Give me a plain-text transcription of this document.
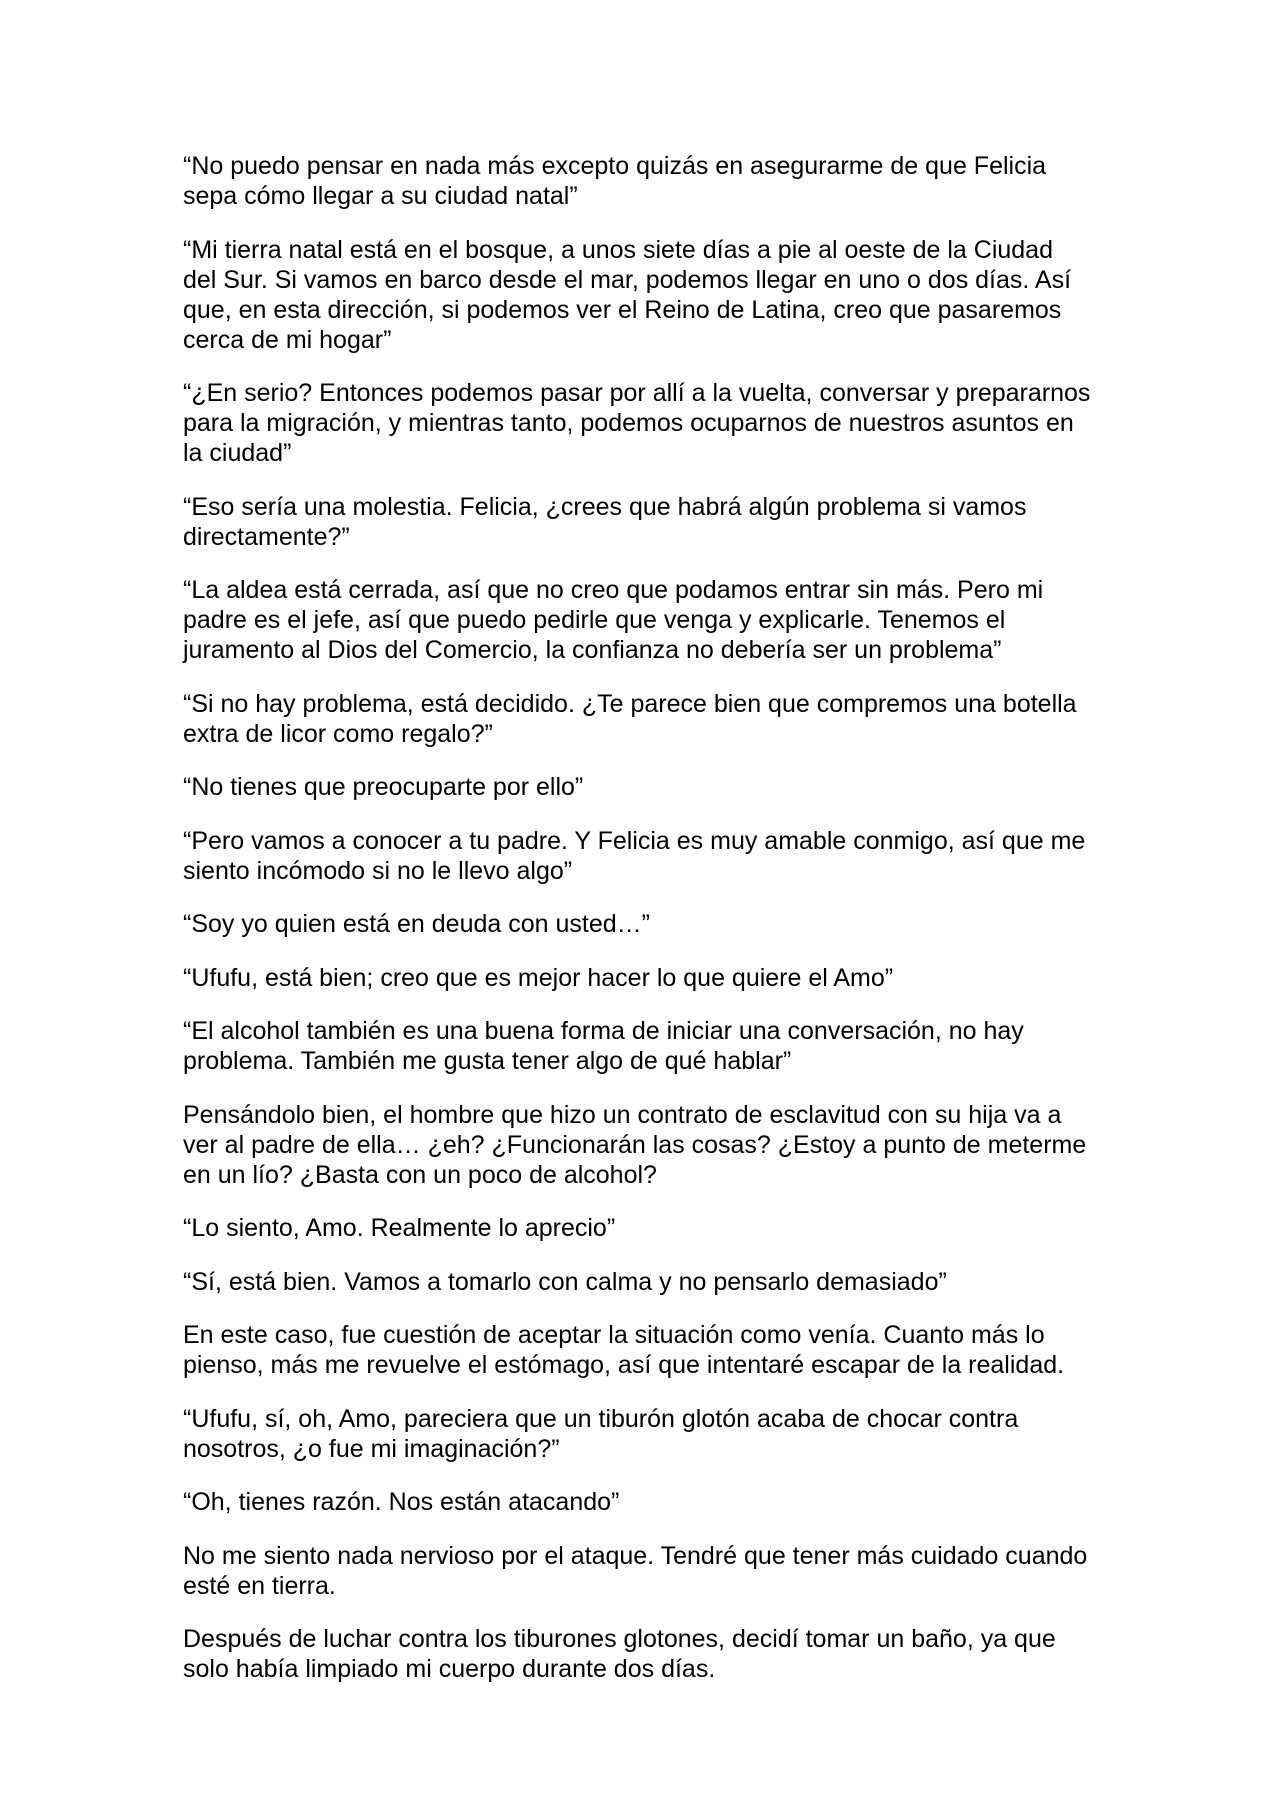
“No puedo pensar en nada más excepto quizás en asegurarme de que Felicia sepa cómo llegar a su ciudad natal”

“Mi tierra natal está en el bosque, a unos siete días a pie al oeste de la Ciudad del Sur. Si vamos en barco desde el mar, podemos llegar en uno o dos días. Así que, en esta dirección, si podemos ver el Reino de Latina, creo que pasaremos cerca de mi hogar”

“¿En serio? Entonces podemos pasar por allí a la vuelta, conversar y prepararnos para la migración, y mientras tanto, podemos ocuparnos de nuestros asuntos en la ciudad”

“Eso sería una molestia. Felicia, ¿crees que habrá algún problema si vamos directamente?”

“La aldea está cerrada, así que no creo que podamos entrar sin más. Pero mi padre es el jefe, así que puedo pedirle que venga y explicarle. Tenemos el juramento al Dios del Comercio, la confianza no debería ser un problema”

“Si no hay problema, está decidido. ¿Te parece bien que compremos una botella extra de licor como regalo?”

“No tienes que preocuparte por ello”

“Pero vamos a conocer a tu padre. Y Felicia es muy amable conmigo, así que me siento incómodo si no le llevo algo”

“Soy yo quien está en deuda con usted…”

“Ufufu, está bien; creo que es mejor hacer lo que quiere el Amo”

“El alcohol también es una buena forma de iniciar una conversación, no hay problema. También me gusta tener algo de qué hablar”

Pensándolo bien, el hombre que hizo un contrato de esclavitud con su hija va a ver al padre de ella… ¿eh? ¿Funcionarán las cosas? ¿Estoy a punto de meterme en un lío? ¿Basta con un poco de alcohol?

“Lo siento, Amo. Realmente lo aprecio”

“Sí, está bien. Vamos a tomarlo con calma y no pensarlo demasiado”

En este caso, fue cuestión de aceptar la situación como venía. Cuanto más lo pienso, más me revuelve el estómago, así que intentaré escapar de la realidad.

“Ufufu, sí, oh, Amo, pareciera que un tiburón glotón acaba de chocar contra nosotros, ¿o fue mi imaginación?”

“Oh, tienes razón. Nos están atacando”

No me siento nada nervioso por el ataque. Tendré que tener más cuidado cuando esté en tierra.

Después de luchar contra los tiburones glotones, decidí tomar un baño, ya que solo había limpiado mi cuerpo durante dos días.
